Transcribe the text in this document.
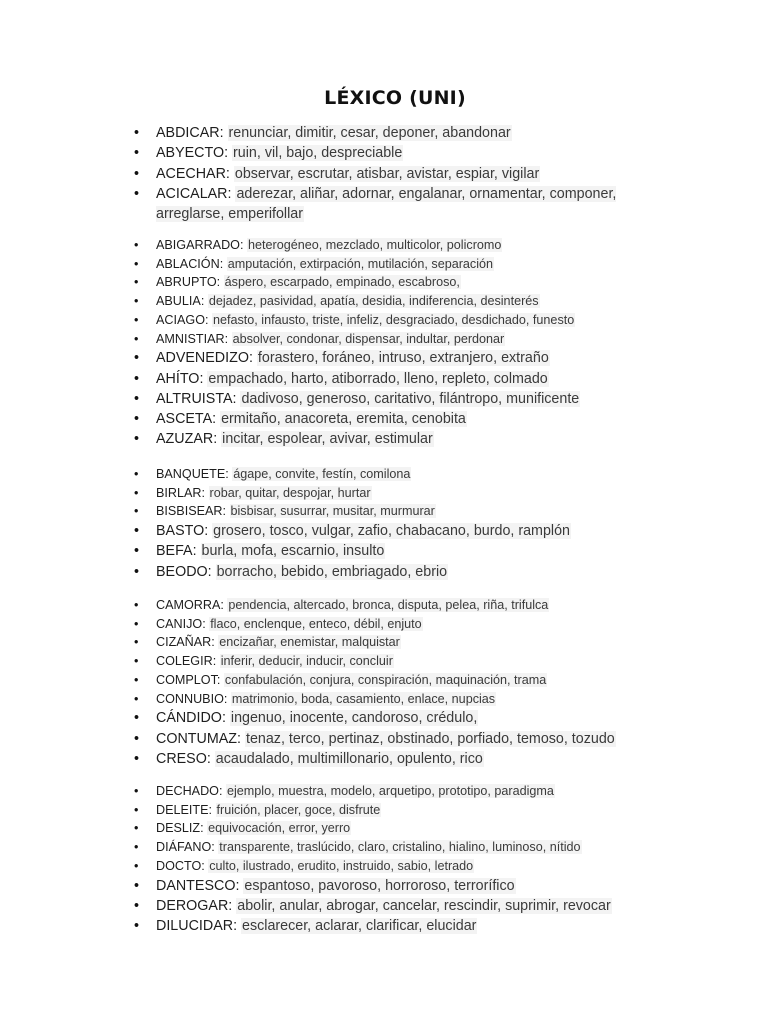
LÉXICO (UNI)
• ABDICAR: renunciar, dimitir, cesar, deponer, abandonar
• ABYECTO: ruin, vil, bajo, despreciable
• ACECHAR: observar, escrutar, atisbar, avistar, espiar, vigilar
• ACICALAR: aderezar, aliñar, adornar, engalanar, ornamentar, componer, arreglarse, emperifollar
• ABIGARRADO: heterogéneo, mezclado, multicolor, policromo
• ABLACIÓN: amputación, extirpación, mutilación, separación
• ABRUPTO: áspero, escarpado, empinado, escabroso,
• ABULIA: dejadez, pasividad, apatía, desidia, indiferencia, desinterés
• ACIAGO: nefasto, infausto, triste, infeliz, desgraciado, desdichado, funesto
• AMNISTIAR: absolver, condonar, dispensar, indultar, perdonar
• ADVENEDIZO: forastero, foráneo, intruso, extranjero, extraño
• AHÍTO: empachado, harto, atiborrado, lleno, repleto, colmado
• ALTRUISTA: dadivoso, generoso, caritativo, filántropo, munificente
• ASCETA: ermitaño, anacoreta, eremita, cenobita
• AZUZAR: incitar, espolear, avivar, estimular
• BANQUETE: ágape, convite, festín, comilona
• BIRLAR: robar, quitar, despojar, hurtar
• BISBISEAR: bisbisar, susurrar, musitar, murmurar
• BASTO: grosero, tosco, vulgar, zafio, chabacano, burdo, ramplón
• BEFA: burla, mofa, escarnio, insulto
• BEODO: borracho, bebido, embriagado, ebrio
• CAMORRA: pendencia, altercado, bronca, disputa, pelea, riña, trifulca
• CANIJO: flaco, enclenque, enteco, débil, enjuto
• CIZAÑAR: encizañar, enemistar, malquistar
• COLEGIR: inferir, deducir, inducir, concluir
• COMPLOT: confabulación, conjura, conspiración, maquinación, trama
• CONNUBIO: matrimonio, boda, casamiento, enlace, nupcias
• CÁNDIDO: ingenuo, inocente, candoroso, crédulo,
• CONTUMAZ: tenaz, terco, pertinaz, obstinado, porfiado, temoso, tozudo
• CRESO: acaudalado, multimillonario, opulento, rico
• DECHADO: ejemplo, muestra, modelo, arquetipo, prototipo, paradigma
• DELEITE: fruición, placer, goce, disfrute
• DESLIZ: equivocación, error, yerro
• DIÁFANO: transparente, traslúcido, claro, cristalino, hialino, luminoso, nítido
• DOCTO: culto, ilustrado, erudito, instruido, sabio, letrado
• DANTESCO: espantoso, pavoroso, horroroso, terrorífico
• DEROGAR: abolir, anular, abrogar, cancelar, rescindir, suprimir, revocar
• DILUCIDAR: esclarecer, aclarar, clarificar, elucidar
